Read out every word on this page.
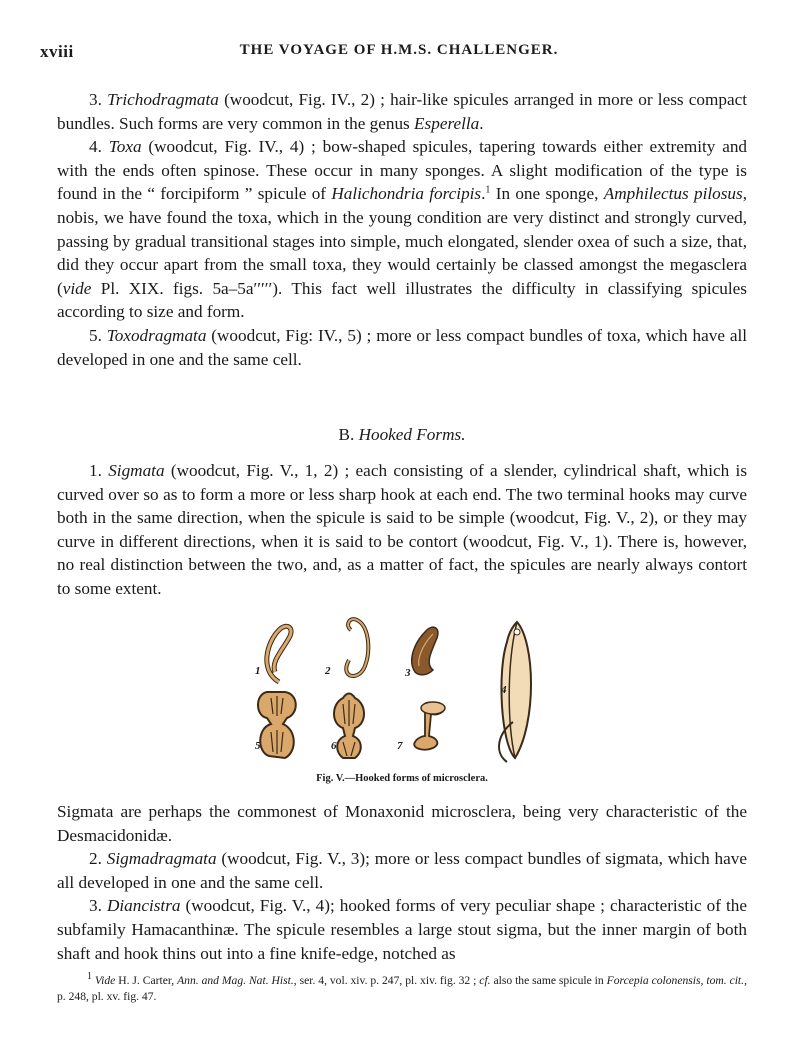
xviii	THE VOYAGE OF H.M.S. CHALLENGER.

3. Trichodragmata (woodcut, Fig. IV., 2) ; hair-like spicules arranged in more or less compact bundles. Such forms are very common in the genus Esperella.

4. Toxa (woodcut, Fig. IV., 4) ; bow-shaped spicules, tapering towards either extremity and with the ends often spinose. These occur in many sponges. A slight modification of the type is found in the “ forcipiform ” spicule of Halichondria forcipis.$^1$ In one sponge, Amphilectus pilosus, nobis, we have found the toxa, which in the young condition are very distinct and strongly curved, passing by gradual transitional stages into simple, much elongated, slender oxea of such a size, that, did they occur apart from the small toxa, they would certainly be classed amongst the megasclera (vide Pl. XIX. figs. 5a–5a′′′′′). This fact well illustrates the difficulty in classifying spicules according to size and form.

5. Toxodragmata (woodcut, Fig: IV., 5) ; more or less compact bundles of toxa, which have all developed in one and the same cell.

B. Hooked Forms.

1. Sigmata (woodcut, Fig. V., 1, 2) ; each consisting of a slender, cylindrical shaft, which is curved over so as to form a more or less sharp hook at each end. The two terminal hooks may curve both in the same direction, when the spicule is said to be simple (woodcut, Fig. V., 2), or they may curve in different directions, when it is said to be contort (woodcut, Fig. V., 1). There is, however, no real distinction between the two, and, as a matter of fact, the spicules are nearly always contort to some extent.

1	2	3
4
5	6	7
Fig. V.—Hooked forms of microsclera.

Sigmata are perhaps the commonest of Monaxonid microsclera, being very characteristic of the Desmacidonidæ.

2. Sigmadragmata (woodcut, Fig. V., 3); more or less compact bundles of sigmata, which have all developed in one and the same cell.

3. Diancistra (woodcut, Fig. V., 4); hooked forms of very peculiar shape ; characteristic of the subfamily Hamacanthinæ. The spicule resembles a large stout sigma, but the inner margin of both shaft and hook thins out into a fine knife-edge, notched as

$^1$ Vide H. J. Carter, Ann. and Mag. Nat. Hist., ser. 4, vol. xiv. p. 247, pl. xiv. fig. 32 ; cf. also the same spicule in Forcepia colonensis, tom. cit., p. 248, pl. xv. fig. 47.
